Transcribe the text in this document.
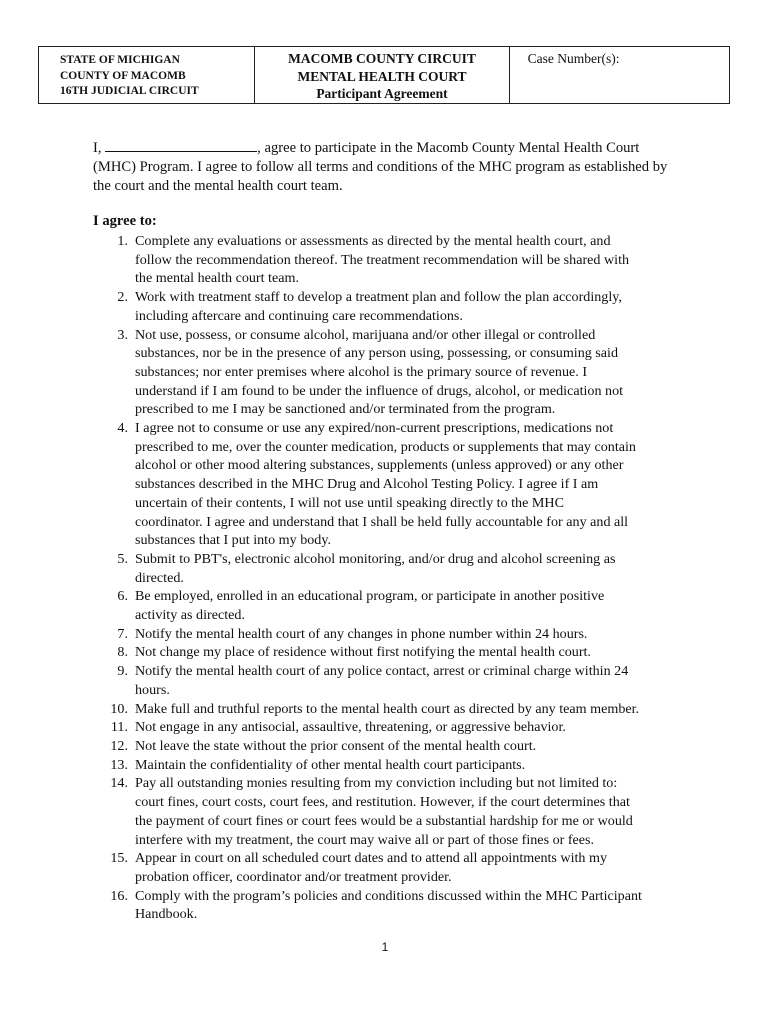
STATE OF MICHIGAN
COUNTY OF MACOMB
16TH JUDICIAL CIRCUIT

MACOMB COUNTY CIRCUIT
MENTAL HEALTH COURT
Participant Agreement
	Case Number(s):
I,	, agree to participate in the Macomb County Mental Health Court (MHC) Program. I agree to follow all terms and conditions of the MHC program as established by the court and the mental health court team.
I agree to:
1. Complete any evaluations or assessments as directed by the mental health court, and
follow the recommendation thereof. The treatment recommendation will be shared with
the mental health court team.
2. Work with treatment staff to develop a treatment plan and follow the plan accordingly,
including aftercare and continuing care recommendations.
3. Not use, possess, or consume alcohol, marijuana and/or other illegal or controlled
substances, nor be in the presence of any person using, possessing, or consuming said
substances; nor enter premises where alcohol is the primary source of revenue. I
understand if I am found to be under the influence of drugs, alcohol, or medication not
prescribed to me I may be sanctioned and/or terminated from the program.
4. I agree not to consume or use any expired/non-current prescriptions, medications not
prescribed to me, over the counter medication, products or supplements that may contain
alcohol or other mood altering substances, supplements (unless approved) or any other
substances described in the MHC Drug and Alcohol Testing Policy. I agree if I am
uncertain of their contents, I will not use until speaking directly to the MHC
coordinator. I agree and understand that I shall be held fully accountable for any and all
substances that I put into my body.
5. Submit to PBT's, electronic alcohol monitoring, and/or drug and alcohol screening as
directed.
6. Be employed, enrolled in an educational program, or participate in another positive
activity as directed.
7. Notify the mental health court of any changes in phone number within 24 hours.
8. Not change my place of residence without first notifying the mental health court.
9. Notify the mental health court of any police contact, arrest or criminal charge within 24
hours.
10. Make full and truthful reports to the mental health court as directed by any team member.
11. Not engage in any antisocial, assaultive, threatening, or aggressive behavior.
12. Not leave the state without the prior consent of the mental health court.
13. Maintain the confidentiality of other mental health court participants.
14. Pay all outstanding monies resulting from my conviction including but not limited to:
court fines, court costs, court fees, and restitution. However, if the court determines that
the payment of court fines or court fees would be a substantial hardship for me or would
interfere with my treatment, the court may waive all or part of those fines or fees.
15. Appear in court on all scheduled court dates and to attend all appointments with my
probation officer, coordinator and/or treatment provider.
16. Comply with the program’s policies and conditions discussed within the MHC Participant
Handbook.
1
